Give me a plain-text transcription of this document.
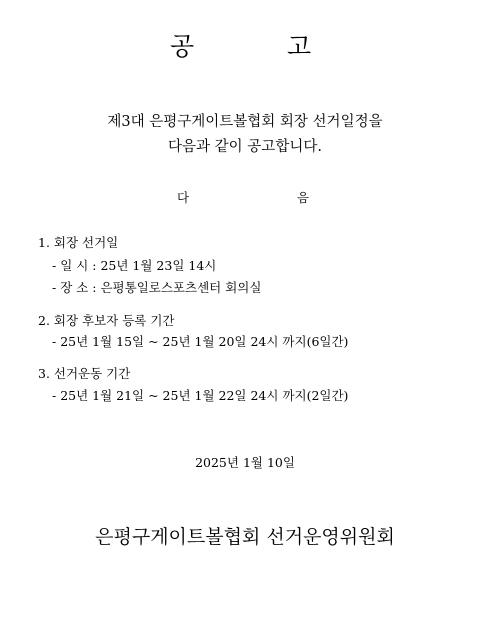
공	고
제3대 은평구게이트볼협회 회장 선거일정을
다음과 같이 공고합니다.
다	음
1. 회장 선거일
- 일 시 : 25년 1월 23일 14시
- 장 소 : 은평통일로스포츠센터 회의실
2. 회장 후보자 등록 기간
- 25년 1월 15일 ~ 25년 1월 20일 24시 까지(6일간)
3. 선거운동 기간
- 25년 1월 21일 ~ 25년 1월 22일 24시 까지(2일간)
2025년 1월 10일
은평구게이트볼협회 선거운영위원회
